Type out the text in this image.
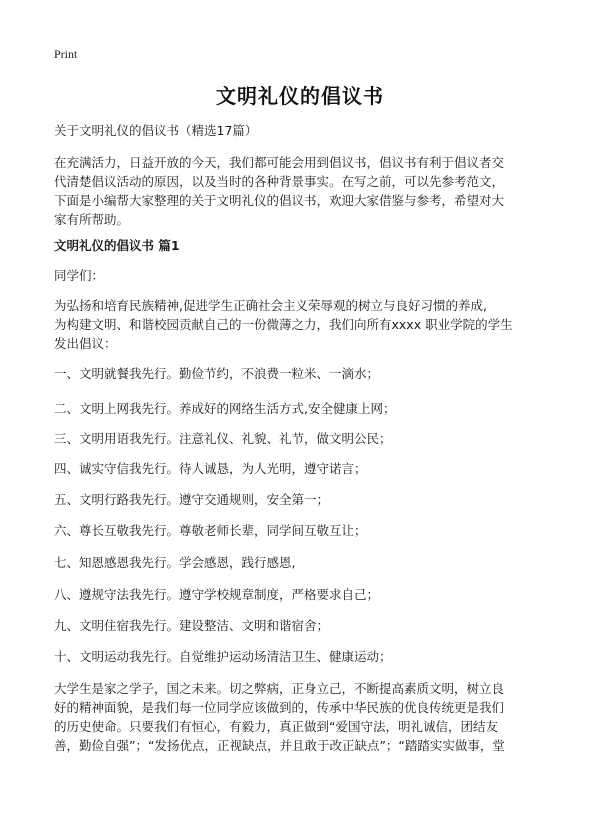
Print
文明礼仪的倡议书

关于文明礼仪的倡议书（精选17篇）

在充满活力，日益开放的今天，我们都可能会用到倡议书，倡议书有利于倡议者交
代清楚倡议活动的原因，以及当时的各种背景事实。在写之前，可以先参考范文，
下面是小编帮大家整理的关于文明礼仪的倡议书，欢迎大家借鉴与参考，希望对大
家有所帮助。

文明礼仪的倡议书 篇1

同学们：

为弘扬和培育民族精神,促进学生正确社会主义荣辱观的树立与良好习惯的养成,
为构建文明、和谐校园贡献自己的一份微薄之力，我们向所有xxxx 职业学院的学生
发出倡议：

一、文明就餐我先行。勤俭节约，不浪费一粒米、一滴水；

二、文明上网我先行。养成好的网络生活方式,安全健康上网；

三、文明用语我先行。注意礼仪、礼貌、礼节，做文明公民；

四、诚实守信我先行。待人诚恳，为人光明，遵守诺言；

五、文明行路我先行。遵守交通规则，安全第一；

六、尊长互敬我先行。尊敬老师长辈，同学间互敬互让；

七、知恩感恩我先行。学会感恩，践行感恩,

八、遵规守法我先行。遵守学校规章制度，严格要求自己；

九、文明住宿我先行。建设整洁、文明和谐宿舍；

十、文明运动我先行。自觉维护运动场清洁卫生、健康运动；

大学生是家之学子，国之未来。切之弊病，正身立己，不断提高素质文明，树立良
好的精神面貌，是我们每一位同学应该做到的，传承中华民族的优良传统更是我们
的历史使命。只要我们有恒心，有毅力，真正做到“爱国守法，明礼诚信，团结友
善，勤俭自强”；“发扬优点，正视缺点，并且敢于改正缺点”；“踏踏实实做事，堂
